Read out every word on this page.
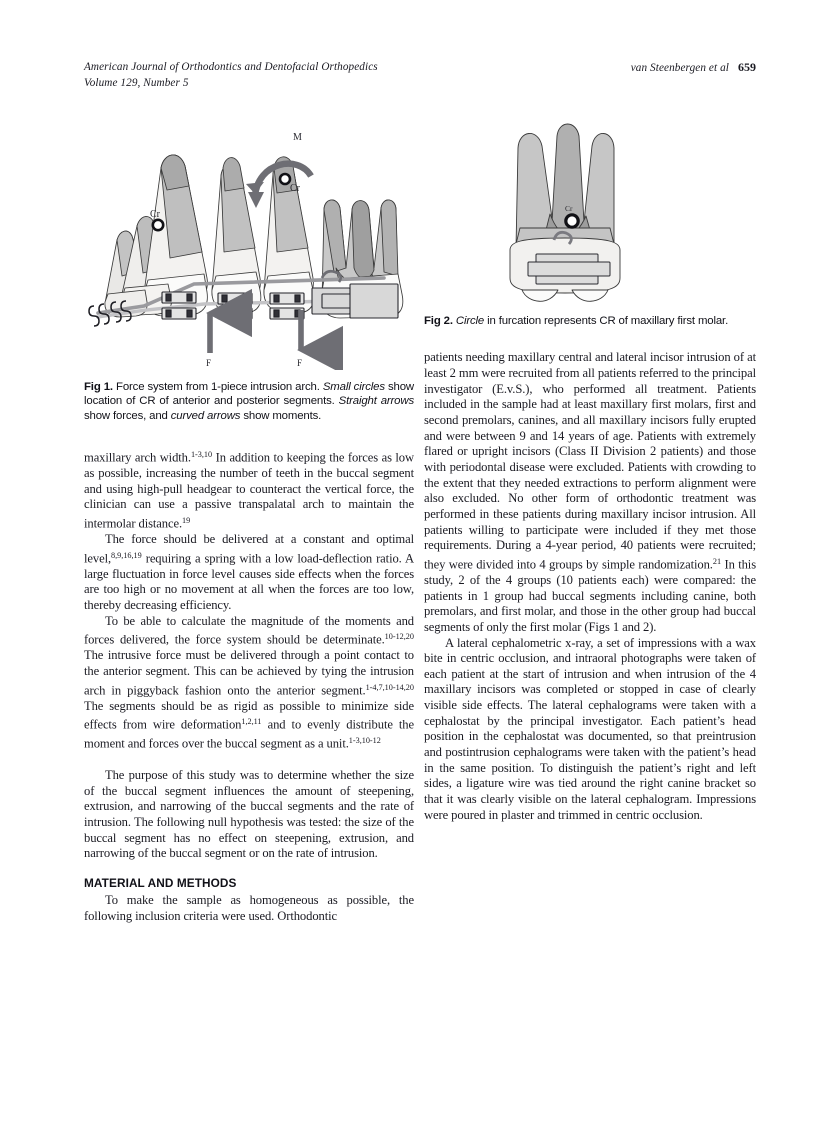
American Journal of Orthodontics and Dentofacial Orthopedics
Volume 129, Number 5
van Steenbergen et al 659
Cr
Cr
M
F	F

Fig 1. Force system from 1-piece intrusion arch. Small circles show location of CR of anterior and posterior segments. Straight arrows show forces, and curved arrows show moments.

maxillary arch width.$^{1-3,10}$ In addition to keeping the forces as low as possible, increasing the number of teeth in the buccal segment and using high-pull headgear to counteract the vertical force, the clinician can use a passive transpalatal arch to maintain the intermolar distance.$^{19}$

The force should be delivered at a constant and optimal level,$^{8,9,16,19}$ requiring a spring with a low load-deflection ratio. A large fluctuation in force level causes side effects when the forces are too high or no movement at all when the forces are too low, thereby decreasing efficiency.

To be able to calculate the magnitude of the moments and forces delivered, the force system should be determinate.$^{10-12,20}$ The intrusive force must be delivered through a point contact to the anterior segment. This can be achieved by tying the intrusion arch in piggyback fashion onto the anterior segment.$^{1-4,7,10-14,20}$ The segments should be as rigid as possible to minimize side effects from wire deformation$^{1,2,11}$ and to evenly distribute the moment and forces over the buccal segment as a unit.$^{1-3,10-12}$

The purpose of this study was to determine whether the size of the buccal segment influences the amount of steepening, extrusion, and narrowing of the buccal segments and the rate of intrusion. The following null hypothesis was tested: the size of the buccal segment has no effect on steepening, extrusion, and narrowing of the buccal segment or on the rate of intrusion.

MATERIAL AND METHODS

To make the sample as homogeneous as possible, the following inclusion criteria were used. Orthodontic

Cr

Fig 2. Circle in furcation represents CR of maxillary first molar.

patients needing maxillary central and lateral incisor intrusion of at least 2 mm were recruited from all patients referred to the principal investigator (E.v.S.), who performed all treatment. Patients included in the sample had at least maxillary first molars, first and second premolars, canines, and all maxillary incisors fully erupted and were between 9 and 14 years of age. Patients with extremely flared or upright incisors (Class II Division 2 patients) and those with periodontal disease were excluded. Patients with crowding to the extent that they needed extractions to perform alignment were also excluded. No other form of orthodontic treatment was performed in these patients during maxillary incisor intrusion. All patients willing to participate were included if they met those requirements. During a 4-year period, 40 patients were recruited; they were divided into 4 groups by simple randomization.$^{21}$ In this study, 2 of the 4 groups (10 patients each) were compared: the patients in 1 group had buccal segments including canine, both premolars, and first molar, and those in the other group had buccal segments of only the first molar (Figs 1 and 2).

A lateral cephalometric x-ray, a set of impressions with a wax bite in centric occlusion, and intraoral photographs were taken of each patient at the start of intrusion and when intrusion of the 4 maxillary incisors was completed or stopped in case of clearly visible side effects. The lateral cephalograms were taken with a cephalostat by the principal investigator. Each patient’s head position in the cephalostat was documented, so that preintrusion and postintrusion cephalograms were taken with the patient’s head in the same position. To distinguish the patient’s right and left sides, a ligature wire was tied around the right canine bracket so that it was clearly visible on the lateral cephalogram. Impressions were poured in plaster and trimmed in centric occlusion.
